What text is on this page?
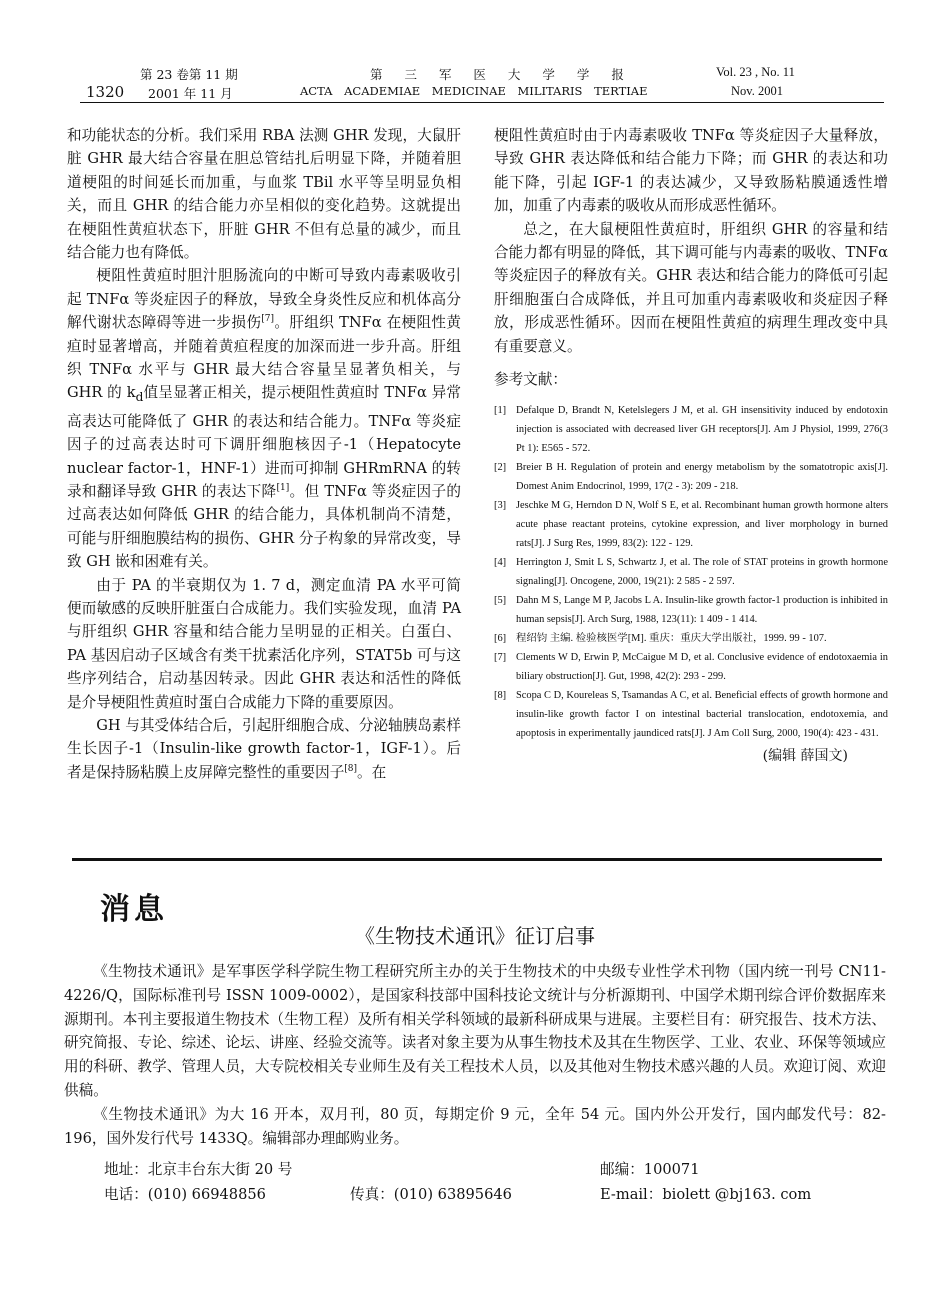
1320
第 23 卷第 11 期
2001 年 11 月
第 三 军 医 大 学 学 报
ACTA ACADEMIAE MEDICINAE MILITARIS TERTIAE
Vol. 23 , No. 11
Nov. 2001

和功能状态的分析。我们采用 RBA 法测 GHR 发现，大鼠肝脏 GHR 最大结合容量在胆总管结扎后明显下降，并随着胆道梗阻的时间延长而加重，与血浆 TBil 水平等呈明显负相关，而且 GHR 的结合能力亦呈相似的变化趋势。这就提出在梗阻性黄疸状态下，肝脏 GHR 不但有总量的减少，而且结合能力也有降低。

梗阻性黄疸时胆汁胆肠流向的中断可导致内毒素吸收引起 TNFα 等炎症因子的释放，导致全身炎性反应和机体高分解代谢状态障碍等进一步损伤[7]。肝组织 TNFα 在梗阻性黄疸时显著增高，并随着黄疸程度的加深而进一步升高。肝组织 TNFα 水平与 GHR 最大结合容量呈显著负相关，与 GHR 的 $k_d$值呈显著正相关，提示梗阻性黄疸时 TNFα 异常高表达可能降低了 GHR 的表达和结合能力。TNFα 等炎症因子的过高表达时可下调肝细胞核因子-1（Hepatocyte nuclear factor-1，HNF-1）进而可抑制 GHRmRNA 的转录和翻译导致 GHR 的表达下降[1]。但 TNFα 等炎症因子的过高表达如何降低 GHR 的结合能力，具体机制尚不清楚，可能与肝细胞膜结构的损伤、GHR 分子构象的异常改变，导致 GH 嵌和困难有关。

由于 PA 的半衰期仅为 1. 7 d，测定血清 PA 水平可简便而敏感的反映肝脏蛋白合成能力。我们实验发现，血清 PA 与肝组织 GHR 容量和结合能力呈明显的正相关。白蛋白、PA 基因启动子区域含有类干扰素活化序列，STAT5b 可与这些序列结合，启动基因转录。因此 GHR 表达和活性的降低是介导梗阻性黄疸时蛋白合成能力下降的重要原因。

GH 与其受体结合后，引起肝细胞合成、分泌轴胰岛素样生长因子-1（Insulin-like growth factor-1，IGF-1）。后者是保持肠粘膜上皮屏障完整性的重要因子[8]。在

梗阻性黄疸时由于内毒素吸收 TNFα 等炎症因子大量释放，导致 GHR 表达降低和结合能力下降；而 GHR 的表达和功能下降，引起 IGF-1 的表达减少，又导致肠粘膜通透性增加，加重了内毒素的吸收从而形成恶性循环。

总之，在大鼠梗阻性黄疸时，肝组织 GHR 的容量和结合能力都有明显的降低，其下调可能与内毒素的吸收、TNFα 等炎症因子的释放有关。GHR 表达和结合能力的降低可引起肝细胞蛋白合成降低，并且可加重内毒素吸收和炎症因子释放，形成恶性循环。因而在梗阻性黄疸的病理生理改变中具有重要意义。

参考文献：

[1] Defalque D, Brandt N, Ketelslegers J M, et al. GH insensitivity induced by endotoxin injection is associated with decreased liver GH receptors[J]. Am J Physiol, 1999, 276(3 Pt 1): E565 - 572.
[2] Breier B H. Regulation of protein and energy metabolism by the somatotropic axis[J]. Domest Anim Endocrinol, 1999, 17(2 - 3): 209 - 218.
[3] Jeschke M G, Herndon D N, Wolf S E, et al. Recombinant human growth hormone alters acute phase reactant proteins, cytokine expression, and liver morphology in burned rats[J]. J Surg Res, 1999, 83(2): 122 - 129.
[4] Herrington J, Smit L S, Schwartz J, et al. The role of STAT proteins in growth hormone signaling[J]. Oncogene, 2000, 19(21): 2 585 - 2 597.
[5] Dahn M S, Lange M P, Jacobs L A. Insulin-like growth factor-1 production is inhibited in human sepsis[J]. Arch Surg, 1988, 123(11): 1 409 - 1 414.
[6] 程绍钧 主编. 检验核医学[M]. 重庆：重庆大学出版社，1999. 99 - 107.
[7] Clements W D, Erwin P, McCaigue M D, et al. Conclusive evidence of endotoxaemia in biliary obstruction[J]. Gut, 1998, 42(2): 293 - 299.
[8] Scopa C D, Koureleas S, Tsamandas A C, et al. Beneficial effects of growth hormone and insulin-like growth factor I on intestinal bacterial translocation, endotoxemia, and apoptosis in experimentally jaundiced rats[J]. J Am Coll Surg, 2000, 190(4): 423 - 431.
(编辑 薛国文)
消息
《生物技术通讯》征订启事

《生物技术通讯》是军事医学科学院生物工程研究所主办的关于生物技术的中央级专业性学术刊物（国内统一刊号 CN11-4226/Q，国际标准刊号 ISSN 1009-0002），是国家科技部中国科技论文统计与分析源期刊、中国学术期刊综合评价数据库来源期刊。本刊主要报道生物技术（生物工程）及所有相关学科领域的最新科研成果与进展。主要栏目有：研究报告、技术方法、研究简报、专论、综述、论坛、讲座、经验交流等。读者对象主要为从事生物技术及其在生物医学、工业、农业、环保等领域应用的科研、教学、管理人员，大专院校相关专业师生及有关工程技术人员，以及其他对生物技术感兴趣的人员。欢迎订阅、欢迎供稿。

《生物技术通讯》为大 16 开本，双月刊，80 页，每期定价 9 元，全年 54 元。国内外公开发行，国内邮发代号：82-196，国外发行代号 1433Q。编辑部办理邮购业务。

地址：北京丰台东大街 20 号	邮编：100071
电话：(010) 66948856	传真：(010) 63895646	E-mail：biolett @bj163. com
